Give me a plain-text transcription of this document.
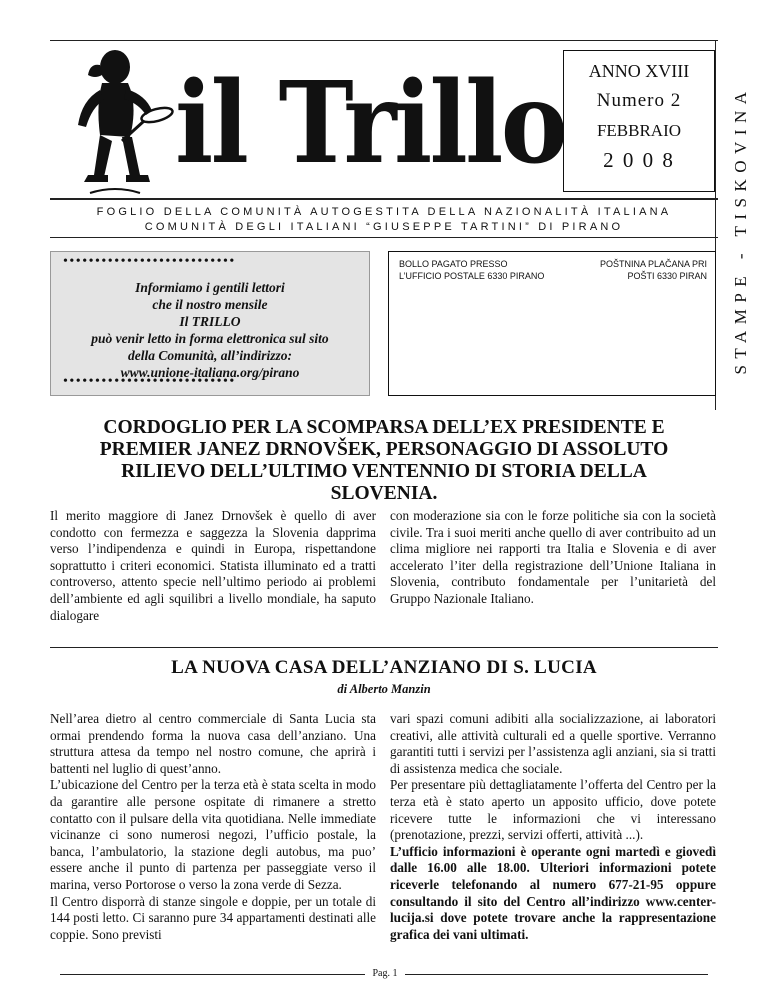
STAMPE - TISKOVINA
il Trillo	ANNO XVIII
Numero 2
FEBBRAIO
2 0 0 8
FOGLIO DELLA COMUNITÀ AUTOGESTITA DELLA NAZIONALITÀ ITALIANA
COMUNITÀ DEGLI ITALIANI “GIUSEPPE TARTINI” DI PIRANO
•••••••••••••••••••••••••••
Informiamo i gentili lettori
che il nostro mensile
Il TRILLO
può venir letto in forma elettronica sul sito
della Comunità, all’indirizzo:
www.unione-italiana.org/pirano
•••••••••••••••••••••••••••
BOLLO PAGATO PRESSO
L’UFFICIO POSTALE 6330 PIRANO
POŠTNINA PLAČANA PRI
POŠTI 6330 PIRAN
CORDOGLIO PER LA SCOMPARSA DELL’EX PRESIDENTE E
PREMIER JANEZ DRNOVŠEK, PERSONAGGIO DI ASSOLUTO
RILIEVO DELL’ULTIMO VENTENNIO DI STORIA DELLA
SLOVENIA.

Il merito maggiore di Janez Drnovšek è quello di aver condotto con fermezza e saggezza la Slovenia dapprima verso l’indipendenza e quindi in Europa, rispettandone soprattutto i criteri economici. Statista illuminato ed a tratti controverso, attento specie nell’ultimo periodo ai problemi dell’ambiente ed agli squilibri a livello mondiale, ha saputo dialogare

con moderazione sia con le forze politiche sia con la società civile. Tra i suoi meriti anche quello di aver contribuito ad un clima migliore nei rapporti tra Italia e Slovenia e di aver accelerato l’iter della registrazione dell’Unione Italiana in Slovenia, contributo fondamentale per l’unitarietà del Gruppo Nazionale Italiano.

LA NUOVA CASA DELL’ANZIANO DI S. LUCIA
di Alberto Manzin

Nell’area dietro al centro commerciale di Santa Lucia sta ormai prendendo forma la nuova casa dell’anziano. Una struttura attesa da tempo nel nostro comune, che aprirà i battenti nel luglio di quest’anno.

L’ubicazione del Centro per la terza età è stata scelta in modo da garantire alle persone ospitate di rimanere a stretto contatto con il pulsare della vita quotidiana. Nelle immediate vicinanze ci sono numerosi negozi, l’ufficio postale, la banca, l’ambulatorio, la stazione degli autobus, ma puo’ essere anche il punto di partenza per passeggiate verso il marina, verso Portorose o verso la zona verde di Sezza.

Il Centro disporrà di stanze singole e doppie, per un totale di 144 posti letto. Ci saranno pure 34 appartamenti destinati alle coppie. Sono previsti

vari spazi comuni adibiti alla socializzazione, ai laboratori creativi, alle attività culturali ed a quelle sportive. Verranno garantiti tutti i servizi per l’assistenza agli anziani, sia si tratti di assistenza medica che sociale.

Per presentare più dettagliatamente l’offerta del Centro per la terza età è stato aperto un apposito ufficio, dove potete ricevere tutte le informazioni che vi interessano (prenotazione, prezzi, servizi offerti, attività ...).

L’ufficio informazioni è operante ogni martedì e giovedì dalle 16.00 alle 18.00. Ulteriori informazioni potete riceverle telefonando al numero 677-21-95 oppure consultando il sito del Centro all’indirizzo www.center-lucija.si dove potete trovare anche la rappresentazione grafica dei vani ultimati.

Pag. 1
